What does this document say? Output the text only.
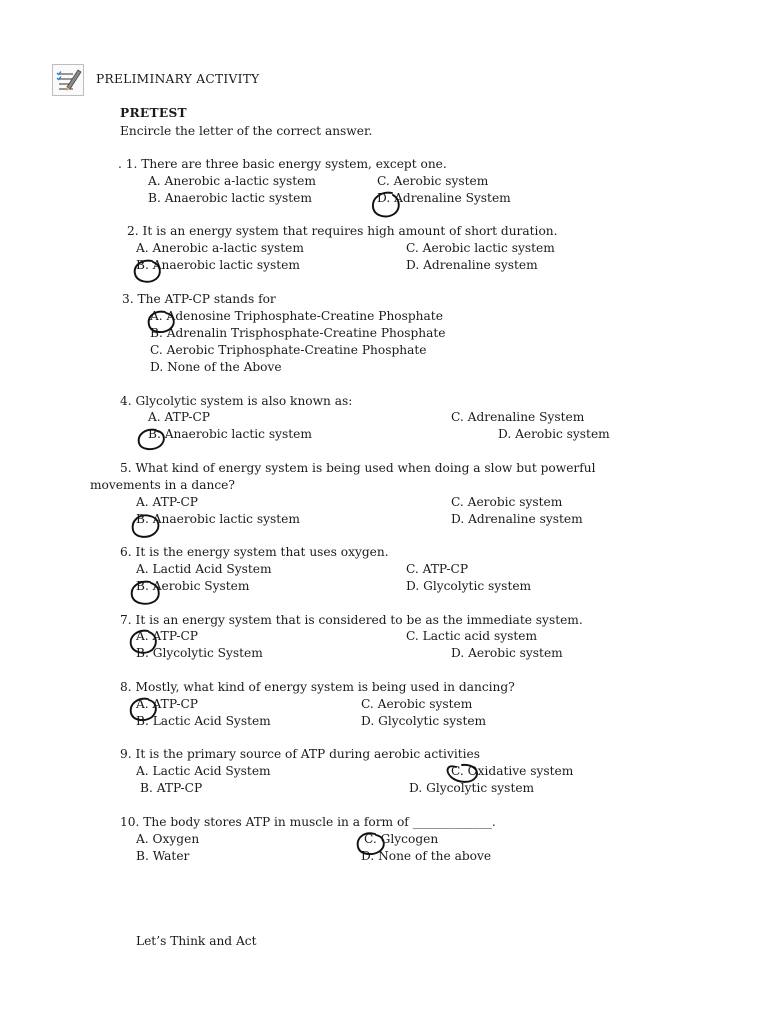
PRELIMINARY ACTIVITY
PRETEST
Encircle the letter of the correct answer.
. 1. There are three basic energy system, except one.
A. Anerobic a-lactic system
B. Anaerobic lactic system
C. Aerobic system
D. Adrenaline System
2. It is an energy system that requires high amount of short duration.
A. Anerobic a-lactic system
B. Anaerobic lactic system
C. Aerobic lactic system
D. Adrenaline system
3. The ATP-CP stands for
A. Adenosine Triphosphate-Creatine Phosphate
B. Adrenalin Trisphosphate-Creatine Phosphate
C. Aerobic Triphosphate-Creatine Phosphate
D. None of the Above
4. Glycolytic system is also known as:
A. ATP-CP
B. Anaerobic lactic system
C. Adrenaline System
D. Aerobic system
5. What kind of energy system is being used when doing a slow but powerful
movements in a dance?
A. ATP-CP
B. Anaerobic lactic system
C. Aerobic system
D. Adrenaline system
6. It is the energy system that uses oxygen.
A. Lactid Acid System
B. Aerobic System
C. ATP-CP
D. Glycolytic system
7. It is an energy system that is considered to be as the immediate system.
A. ATP-CP
B. Glycolytic System
C. Lactic acid system
D. Aerobic system
8. Mostly, what kind of energy system is being used in dancing?
A. ATP-CP
B. Lactic Acid System
C. Aerobic system
D. Glycolytic system
9. It is the primary source of ATP during aerobic activities
A. Lactic Acid System
B. ATP-CP
C. Oxidative system
D. Glycolytic system
10. The body stores ATP in muscle in a form of _____________.
A. Oxygen
B. Water
C. Glycogen
D. None of the above
Let’s Think and Act
